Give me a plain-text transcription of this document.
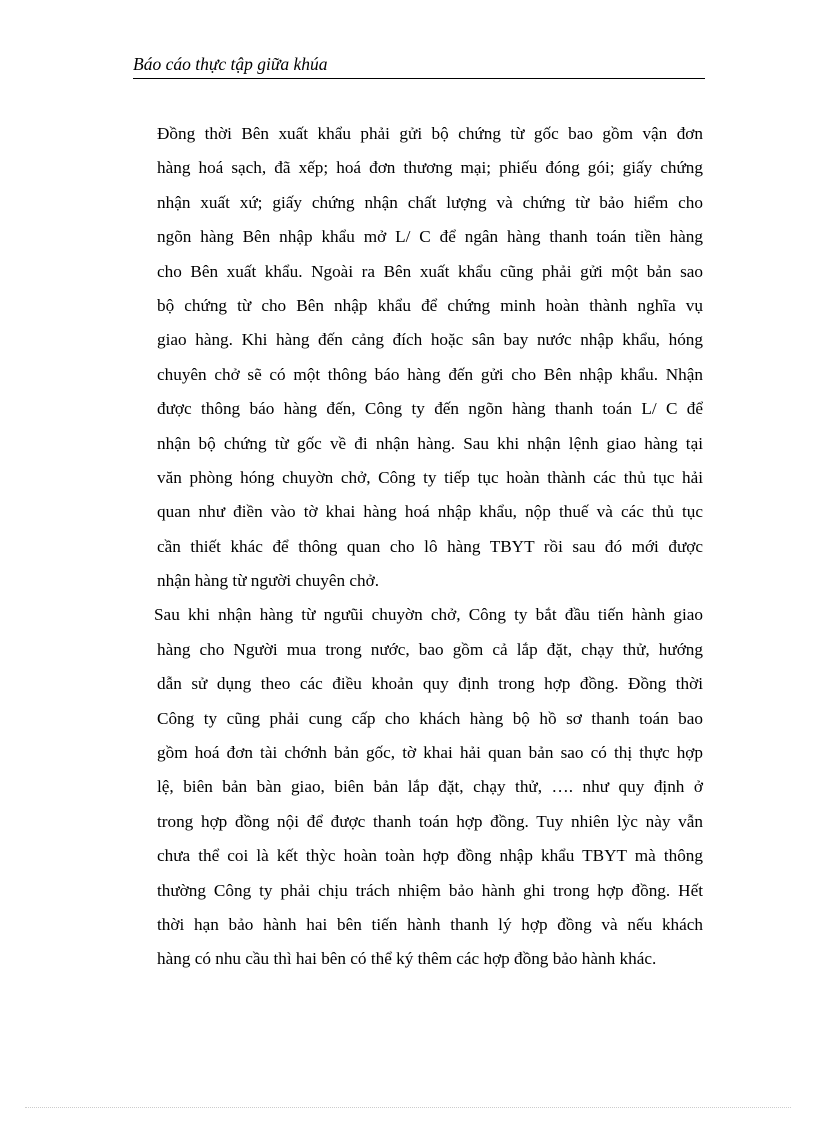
Báo cáo thực tập giữa khúa
Đồng thời Bên xuất khẩu phải gửi bộ chứng từ gốc bao gồm vận đơn
hàng hoá sạch, đã xếp; hoá đơn thương mại; phiếu đóng gói; giấy chứng
nhận xuất xứ; giấy chứng nhận chất lượng và chứng từ bảo hiểm cho
ngõn hàng Bên nhập khẩu mở L/ C để ngân hàng thanh toán tiền hàng
cho Bên xuất khẩu. Ngoài ra Bên xuất khẩu cũng phải gửi một bản sao
bộ chứng từ cho Bên nhập khẩu để chứng minh hoàn thành nghĩa vụ
giao hàng. Khi hàng đến cảng đích hoặc sân bay nước nhập khẩu, hóng
chuyên chở sẽ có một thông báo hàng đến gửi cho Bên nhập khẩu. Nhận
được thông báo hàng đến, Công ty đến ngõn hàng thanh toán L/ C để
nhận bộ chứng từ gốc về đi nhận hàng. Sau khi nhận lệnh giao hàng tại
văn phòng hóng chuyờn chở, Công ty tiếp tục hoàn thành các thủ tục hải
quan như điền vào tờ khai hàng hoá nhập khẩu, nộp thuế và các thủ tục
cần thiết khác để thông quan cho lô hàng TBYT rồi sau đó mới được
nhận hàng từ người chuyên chở.
Sau khi nhận hàng từ ngưũi chuyờn chở, Công ty bắt đầu tiến hành giao
hàng cho Người mua trong nước, bao gồm cả lắp đặt, chạy thử, hướng
dẫn sử dụng theo các điều khoản quy định trong hợp đồng. Đồng thời
Công ty cũng phải cung cấp cho khách hàng bộ hồ sơ thanh toán bao
gồm hoá đơn tài chớnh bản gốc, tờ khai hải quan bản sao có thị thực hợp
lệ, biên bản bàn giao, biên bản lắp đặt, chạy thử, …. như quy định ở
trong hợp đồng nội để được thanh toán hợp đồng. Tuy nhiên lỳc này vẫn
chưa thể coi là kết thỳc hoàn toàn hợp đồng nhập khẩu TBYT mà thông
thường Công ty phải chịu trách nhiệm bảo hành ghi trong hợp đồng. Hết
thời hạn bảo hành hai bên tiến hành thanh lý hợp đồng và nếu khách
hàng có nhu cầu thì hai bên có thể ký thêm các hợp đồng bảo hành khác.
